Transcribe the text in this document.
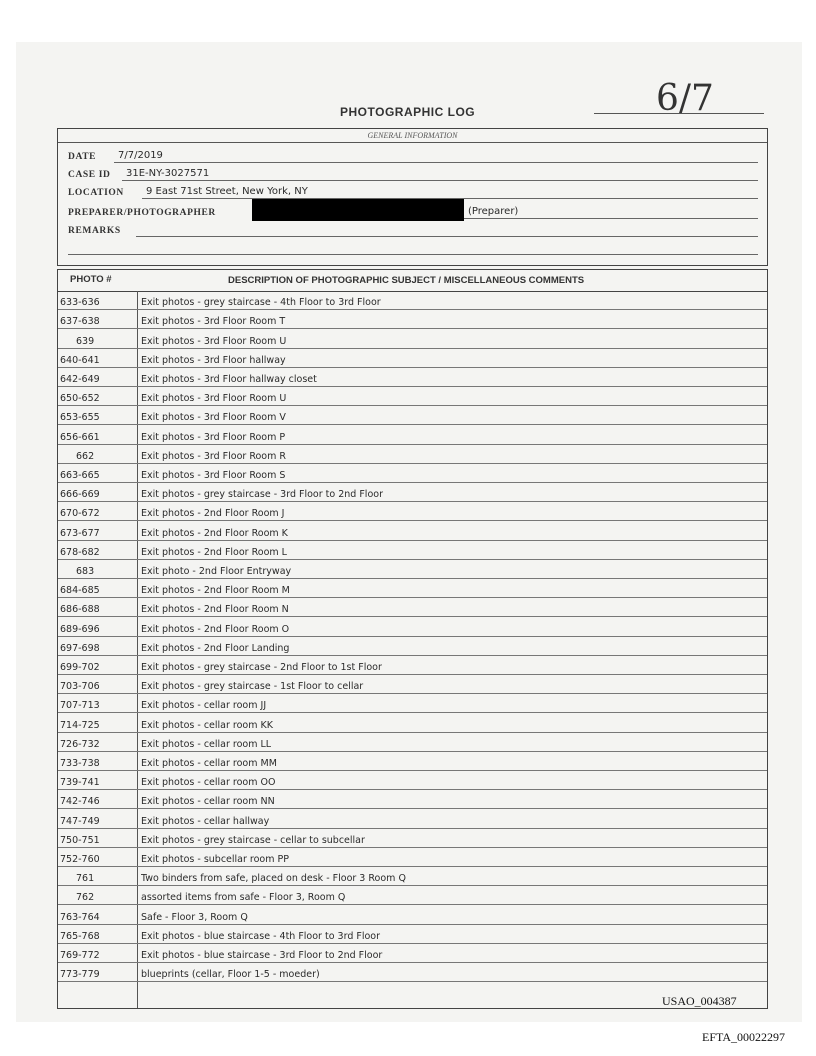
PHOTOGRAPHIC LOG	6/7
GENERAL INFORMATION
DATE 7/7/2019
CASE ID 31E-NY-3027571
LOCATION 9 East 71st Street, New York, NY
PREPARER/PHOTOGRAPHER	(Preparer)
REMARKS
PHOTO #	DESCRIPTION OF PHOTOGRAPHIC SUBJECT / MISCELLANEOUS COMMENTS
633-636	Exit photos - grey staircase - 4th Floor to 3rd Floor
637-638	Exit photos - 3rd Floor Room T
639	Exit photos - 3rd Floor Room U
640-641	Exit photos - 3rd Floor hallway
642-649	Exit photos - 3rd Floor hallway closet
650-652	Exit photos - 3rd Floor Room U
653-655	Exit photos - 3rd Floor Room V
656-661	Exit photos - 3rd Floor Room P
662	Exit photos - 3rd Floor Room R
663-665	Exit photos - 3rd Floor Room S
666-669	Exit photos - grey staircase - 3rd Floor to 2nd Floor
670-672	Exit photos - 2nd Floor Room J
673-677	Exit photos - 2nd Floor Room K
678-682	Exit photos - 2nd Floor Room L
683	Exit photo - 2nd Floor Entryway
684-685	Exit photos - 2nd Floor Room M
686-688	Exit photos - 2nd Floor Room N
689-696	Exit photos - 2nd Floor Room O
697-698	Exit photos - 2nd Floor Landing
699-702	Exit photos - grey staircase - 2nd Floor to 1st Floor
703-706	Exit photos - grey staircase - 1st Floor to cellar
707-713	Exit photos - cellar room JJ
714-725	Exit photos - cellar room KK
726-732	Exit photos - cellar room LL
733-738	Exit photos - cellar room MM
739-741	Exit photos - cellar room OO
742-746	Exit photos - cellar room NN
747-749	Exit photos - cellar hallway
750-751	Exit photos - grey staircase - cellar to subcellar
752-760	Exit photos - subcellar room PP
761	Two binders from safe, placed on desk - Floor 3 Room Q
762	assorted items from safe - Floor 3, Room Q
763-764	Safe - Floor 3, Room Q
765-768	Exit photos - blue staircase - 4th Floor to 3rd Floor
769-772	Exit photos - blue staircase - 3rd Floor to 2nd Floor
773-779	blueprints (cellar, Floor 1-5 - moeder)
USAO_004387
EFTA_00022297
